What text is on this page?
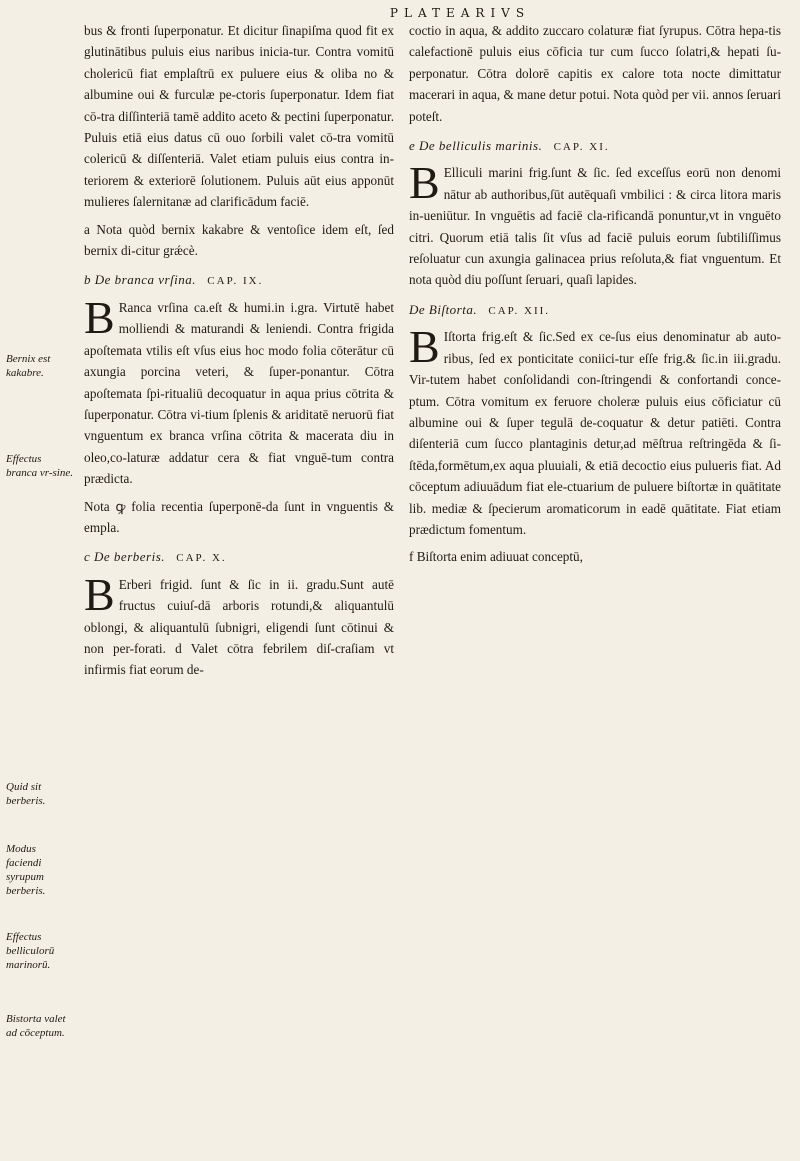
PLATEARIVS
Bernix est kakabre.
Effectus branca vr-sine.
Quid sit berberis.
Modus faciendi syrupum berberis.
Effectus belliculorū marinorū.
Bistorta valet ad cōceptum.

bus & fronti ſuperponatur. Et dicitur ſinapiſma quod fit ex glutinātibus puluis eius naribus inicia-tur. Contra vomitū cholericū fiat emplaſtrū ex puluere eius & oliba no & albumine oui & furculæ pe-ctoris ſuperponatur. Idem fiat cō-tra diſſinteriā tamē addito aceto & pectini ſuperponatur. Puluis etiā eius datus cū ouo ſorbili valet cō-tra vomitū colericū & diſſenteriā. Valet etiam puluis eius contra in-teriorem & exteriorē ſolutionem. Puluis aūt eius apponūt mulieres ſalernitanæ ad clarificādum faciē.

a Nota quòd bernix kakabre & ventoſice idem eſt, ſed bernix di-citur grǽcè.

b De branca vrſina. CAP. IX.

B Ranca vrſina ca.eſt & humi.in i.gra. Virtutē habet molliendi & maturandi & leniendi. Contra frigida apoſtemata vtilis eſt vſus eius hoc modo folia cōterātur cū axungia porcina veteri, & ſuper-ponantur. Cōtra apoſtemata ſpi-ritualiū decoquatur in aqua prius cōtrita & ſuperponatur. Cōtra vi-tium ſplenis & ariditatē neruorū fiat vnguentum ex branca vrſina cōtrita & macerata diu in oleo,co-laturæ addatur cera & fiat vnguē-tum contra prædicta.

Nota ꝙ folia recentia ſuperponē-da ſunt in vnguentis & empla.

c De berberis. CAP. X.

B Erberi frigid. ſunt & ſic in ii. gradu.Sunt autē fructus cuiuſ-dā arboris rotundi,& aliquantulū oblongi, & aliquantulū ſubnigri, eligendi ſunt cōtinui & non per-forati. d Valet cōtra febrilem diſ-craſiam vt infirmis fiat eorum de-

coctio in aqua, & addito zuccaro colaturæ fiat ſyrupus. Cōtra hepa-tis calefactionē puluis eius cōficia tur cum ſucco ſolatri,& hepati ſu-perponatur. Cōtra dolorē capitis ex calore tota nocte dimittatur macerari in aqua, & mane detur potui. Nota quòd per vii. annos ſeruari poteſt.

e De belliculis marinis. CAP. XI.

B Elliculi marini frig.ſunt & ſic. ſed exceſſus eorū non denomi nātur ab authoribus,ſūt autēquaſi vmbilici : & circa litora maris in-ueniūtur. In vnguētis ad faciē cla-rificandā ponuntur,vt in vnguēto citri. Quorum etiā talis ſit vſus ad faciē puluis eorum ſubtiliſſimus reſoluatur cun axungia galinacea prius reſoluta,& fiat vnguentum. Et nota quòd diu poſſunt ſeruari, quaſi lapides.

De Biſtorta. CAP. XII.

B Iſtorta frig.eſt & ſic.Sed ex ce-ſus eius denominatur ab auto-ribus, ſed ex ponticitate coniici-tur eſſe frig.& ſic.in iii.gradu. Vir-tutem habet conſolidandi con-ſtringendi & confortandi conce-ptum. Cōtra vomitum ex feruore choleræ puluis eius cōficiatur cū albumine oui & ſuper tegulā de-coquatur & detur patiēti. Contra diſenteriā cum ſucco plantaginis detur,ad mēſtrua reſtringēda & ſi-ſtēda,formētum,ex aqua pluuiali, & etiā decoctio eius pulueris fiat. Ad cōceptum adiuuādum fiat ele-ctuarium de puluere biſtortæ in quātitate lib. mediæ & ſpecierum aromaticorum in eadē quātitate. Fiat etiam prædictum fomentum.

f Biſtorta enim adiuuat conceptū,
